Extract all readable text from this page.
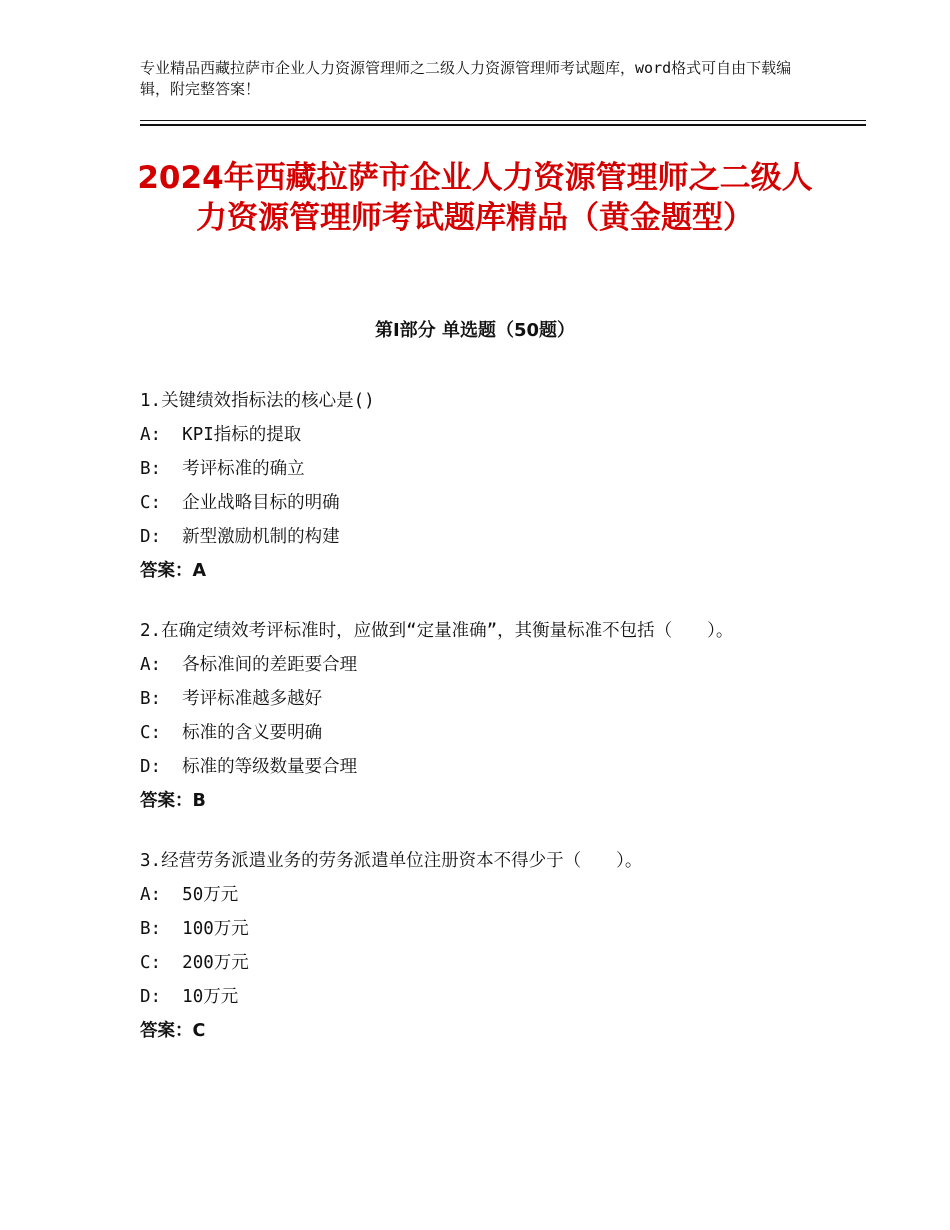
专业精品西藏拉萨市企业人力资源管理师之二级人力资源管理师考试题库，word格式可自由下载编辑，附完整答案！
2024年西藏拉萨市企业人力资源管理师之二级人力资源管理师考试题库精品（黄金题型）
第Ⅰ部分 单选题（50题）

1.关键绩效指标法的核心是()

A : KPI指标的提取

B : 考评标准的确立

C : 企业战略目标的明确

D : 新型激励机制的构建

答案：A

2.在确定绩效考评标准时，应做到“定量准确”，其衡量标准不包括（　　）。

A : 各标准间的差距要合理

B : 考评标准越多越好

C : 标准的含义要明确

D : 标准的等级数量要合理

答案：B

3.经营劳务派遣业务的劳务派遣单位注册资本不得少于（　　）。

A : 50万元

B : 100万元

C : 200万元

D : 10万元

答案：C
